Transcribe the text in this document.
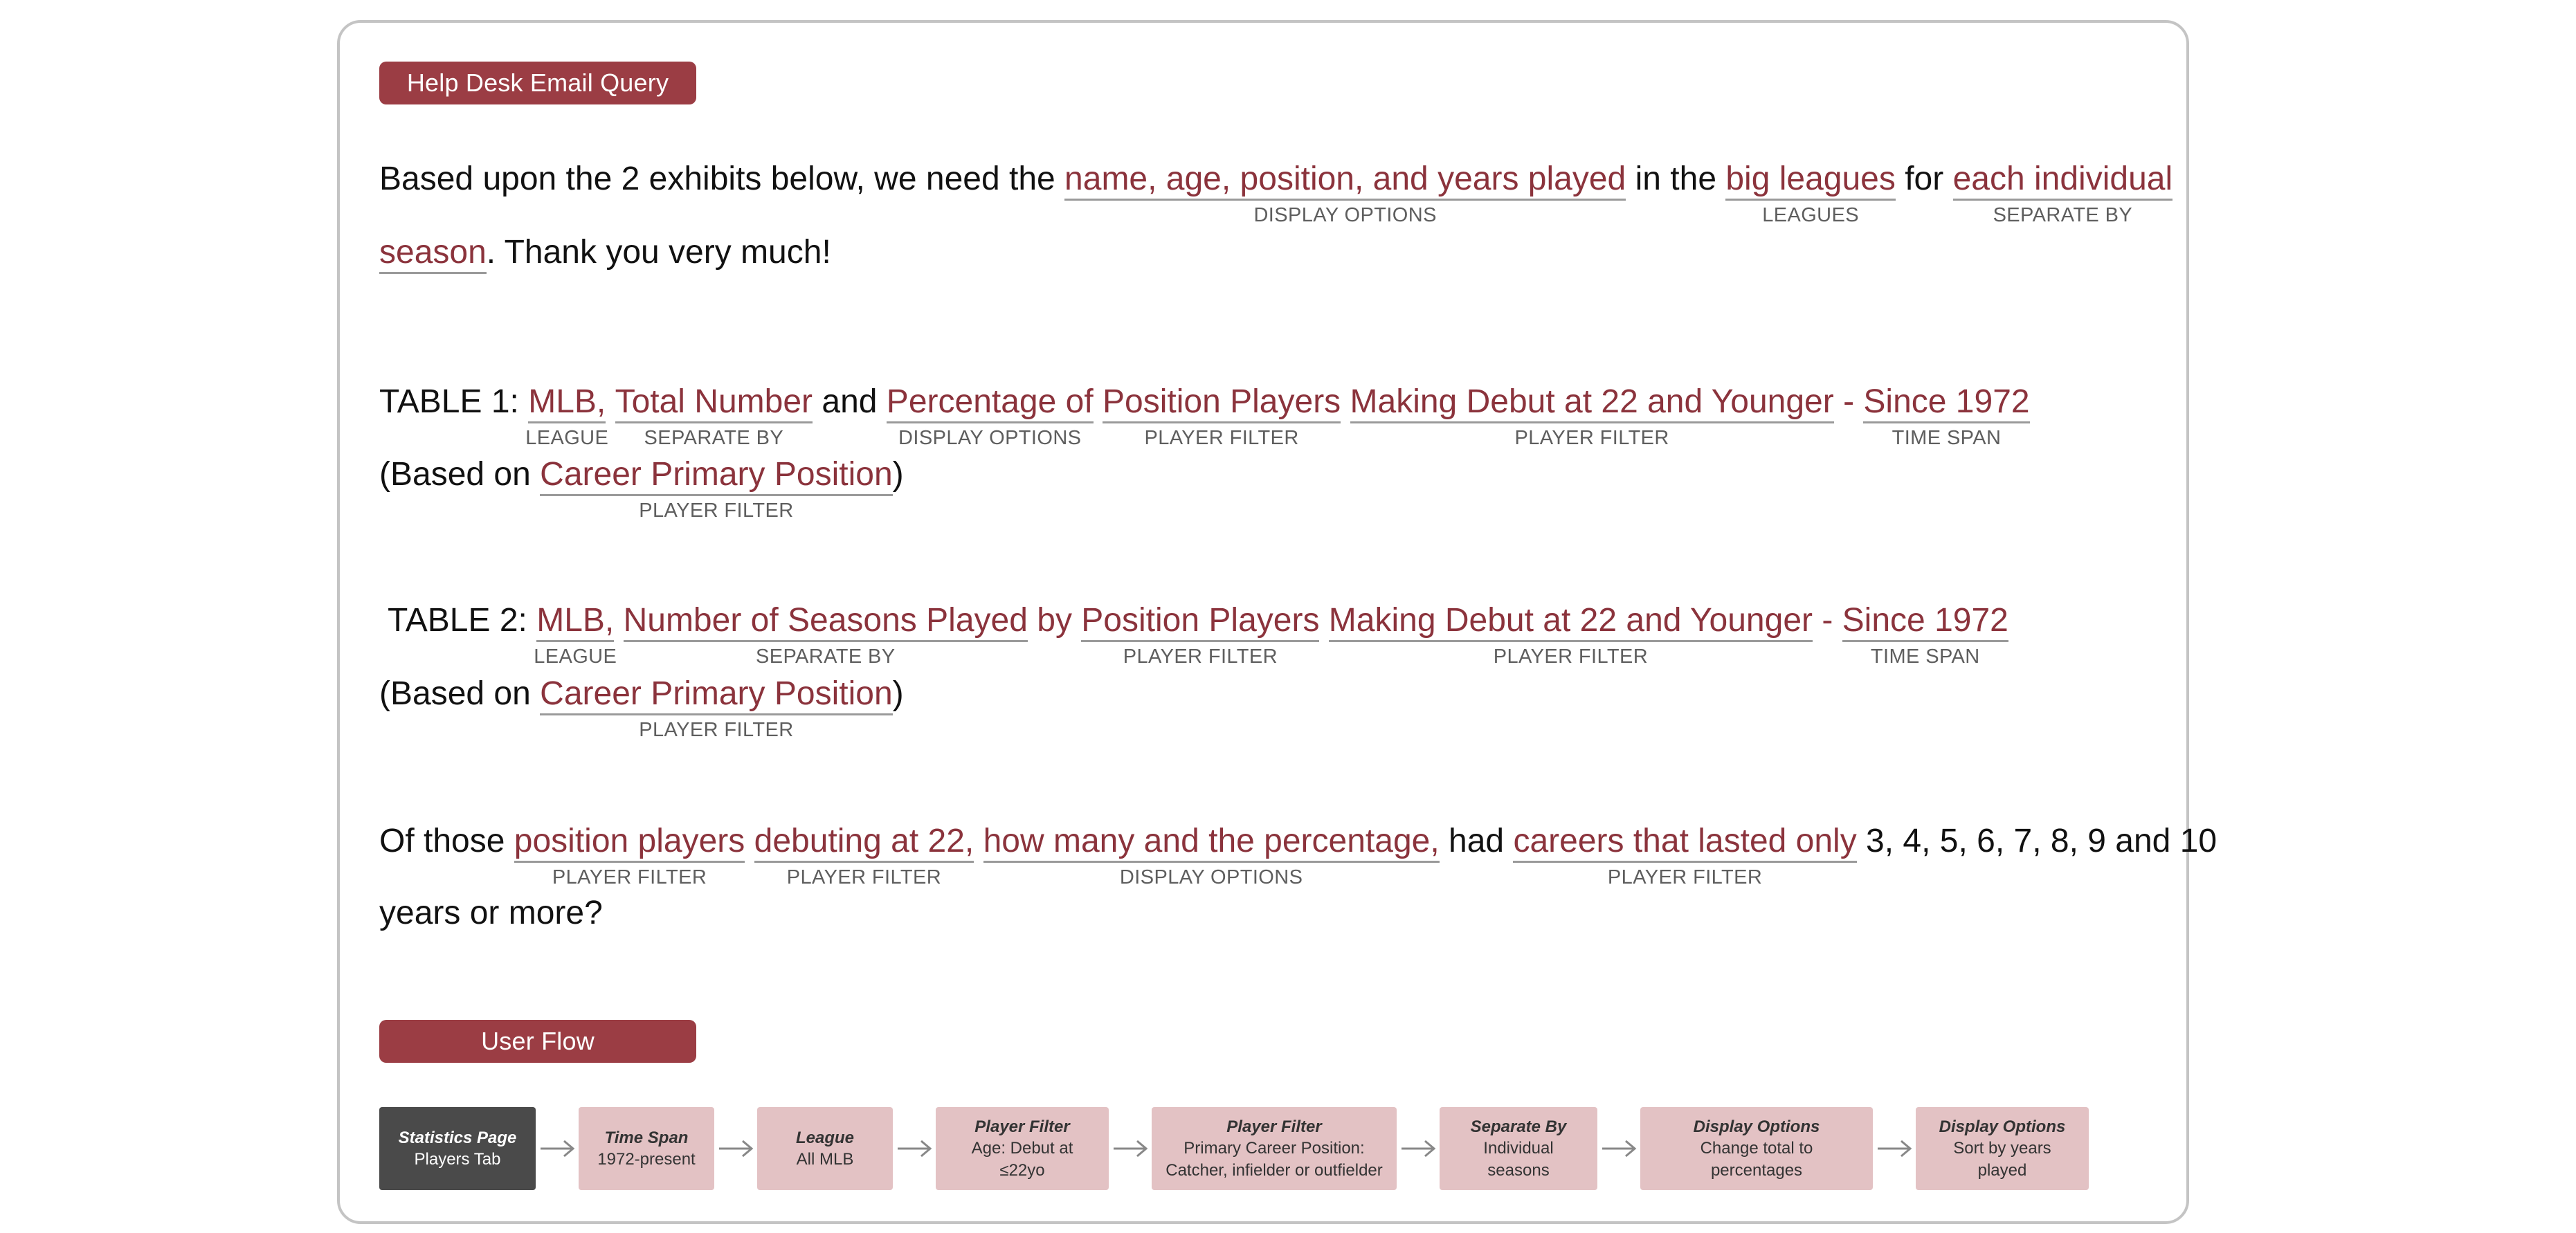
Help Desk Email Query
Based upon the 2 exhibits below, we need the name, age, position, and years played
DISPLAY OPTIONS
in the big leagues
LEAGUES
for each individual
SEPARATE BY
season. Thank you very much!
TABLE 1: MLB,
LEAGUE
Total Number
SEPARATE BY
and Percentage of
DISPLAY OPTIONS
Position Players
PLAYER FILTER
Making Debut at 22 and Younger
PLAYER FILTER
- Since 1972
TIME SPAN
(Based on Career Primary Position
PLAYER FILTER
)
TABLE 2: MLB,
LEAGUE
Number of Seasons Played
SEPARATE BY
by Position Players
PLAYER FILTER
Making Debut at 22 and Younger
PLAYER FILTER
- Since 1972
TIME SPAN
(Based on Career Primary Position
PLAYER FILTER
)
Of those position players
PLAYER FILTER
debuting at 22,
PLAYER FILTER
how many and the percentage,
DISPLAY OPTIONS
had careers that lasted only
PLAYER FILTER
3, 4, 5, 6, 7, 8, 9 and 10
years or more?
User Flow
Statistics Page
Players Tab
Time Span
1972-present
League
All MLB
Player Filter
Age: Debut at ≤22yo
Player Filter
Primary Career Position:
Catcher, infielder or outfielder
Separate By
Individual seasons
Display Options
Change total to percentages
Display Options
Sort by years played
